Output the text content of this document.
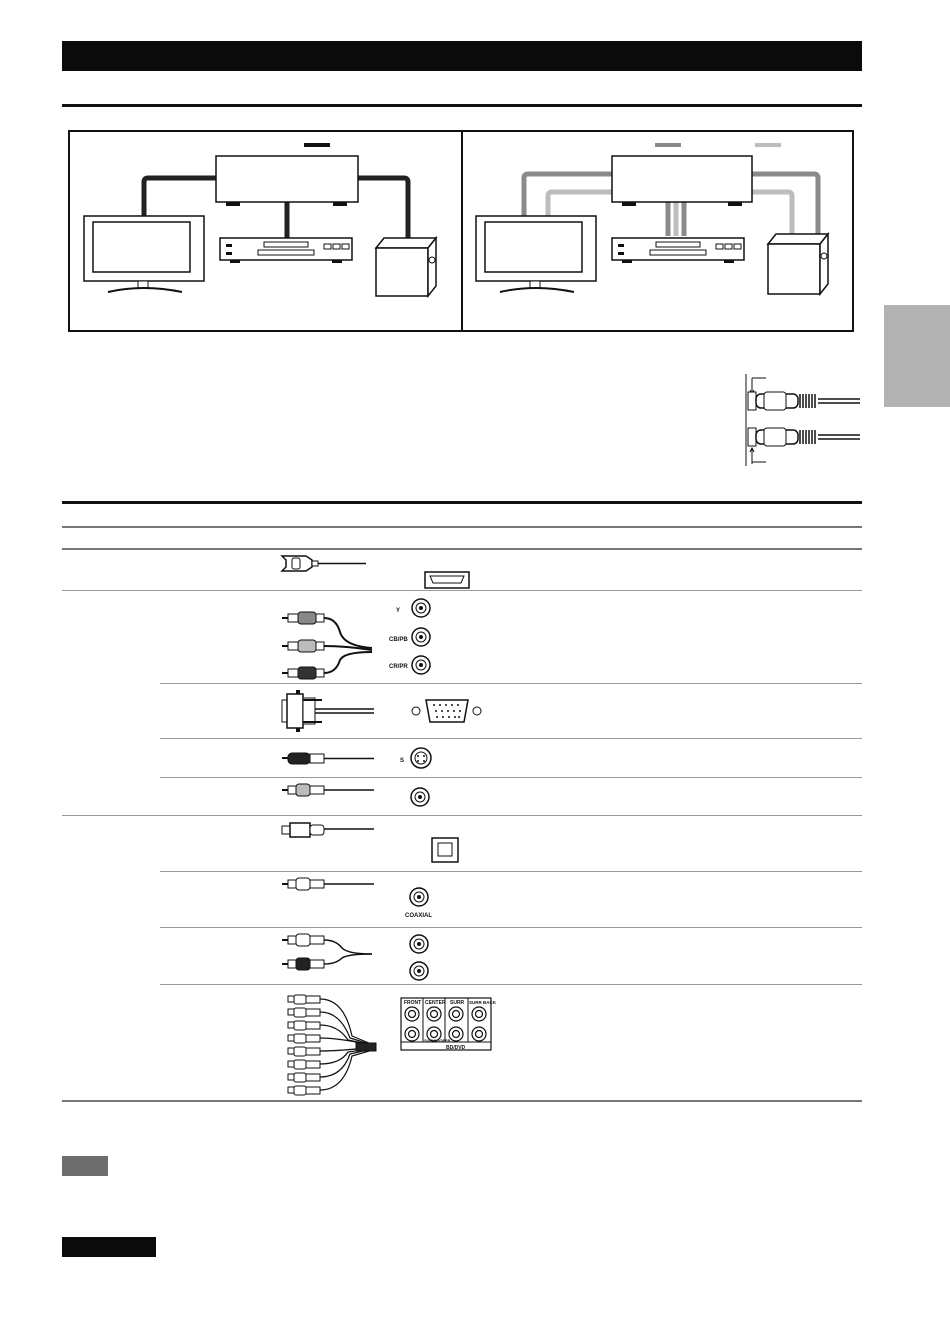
Y
CB/PB
CR/PR
S
COAXIAL
FRONT CENTER SURR SURR BACK
SUBWOOFER
BD/DVD
